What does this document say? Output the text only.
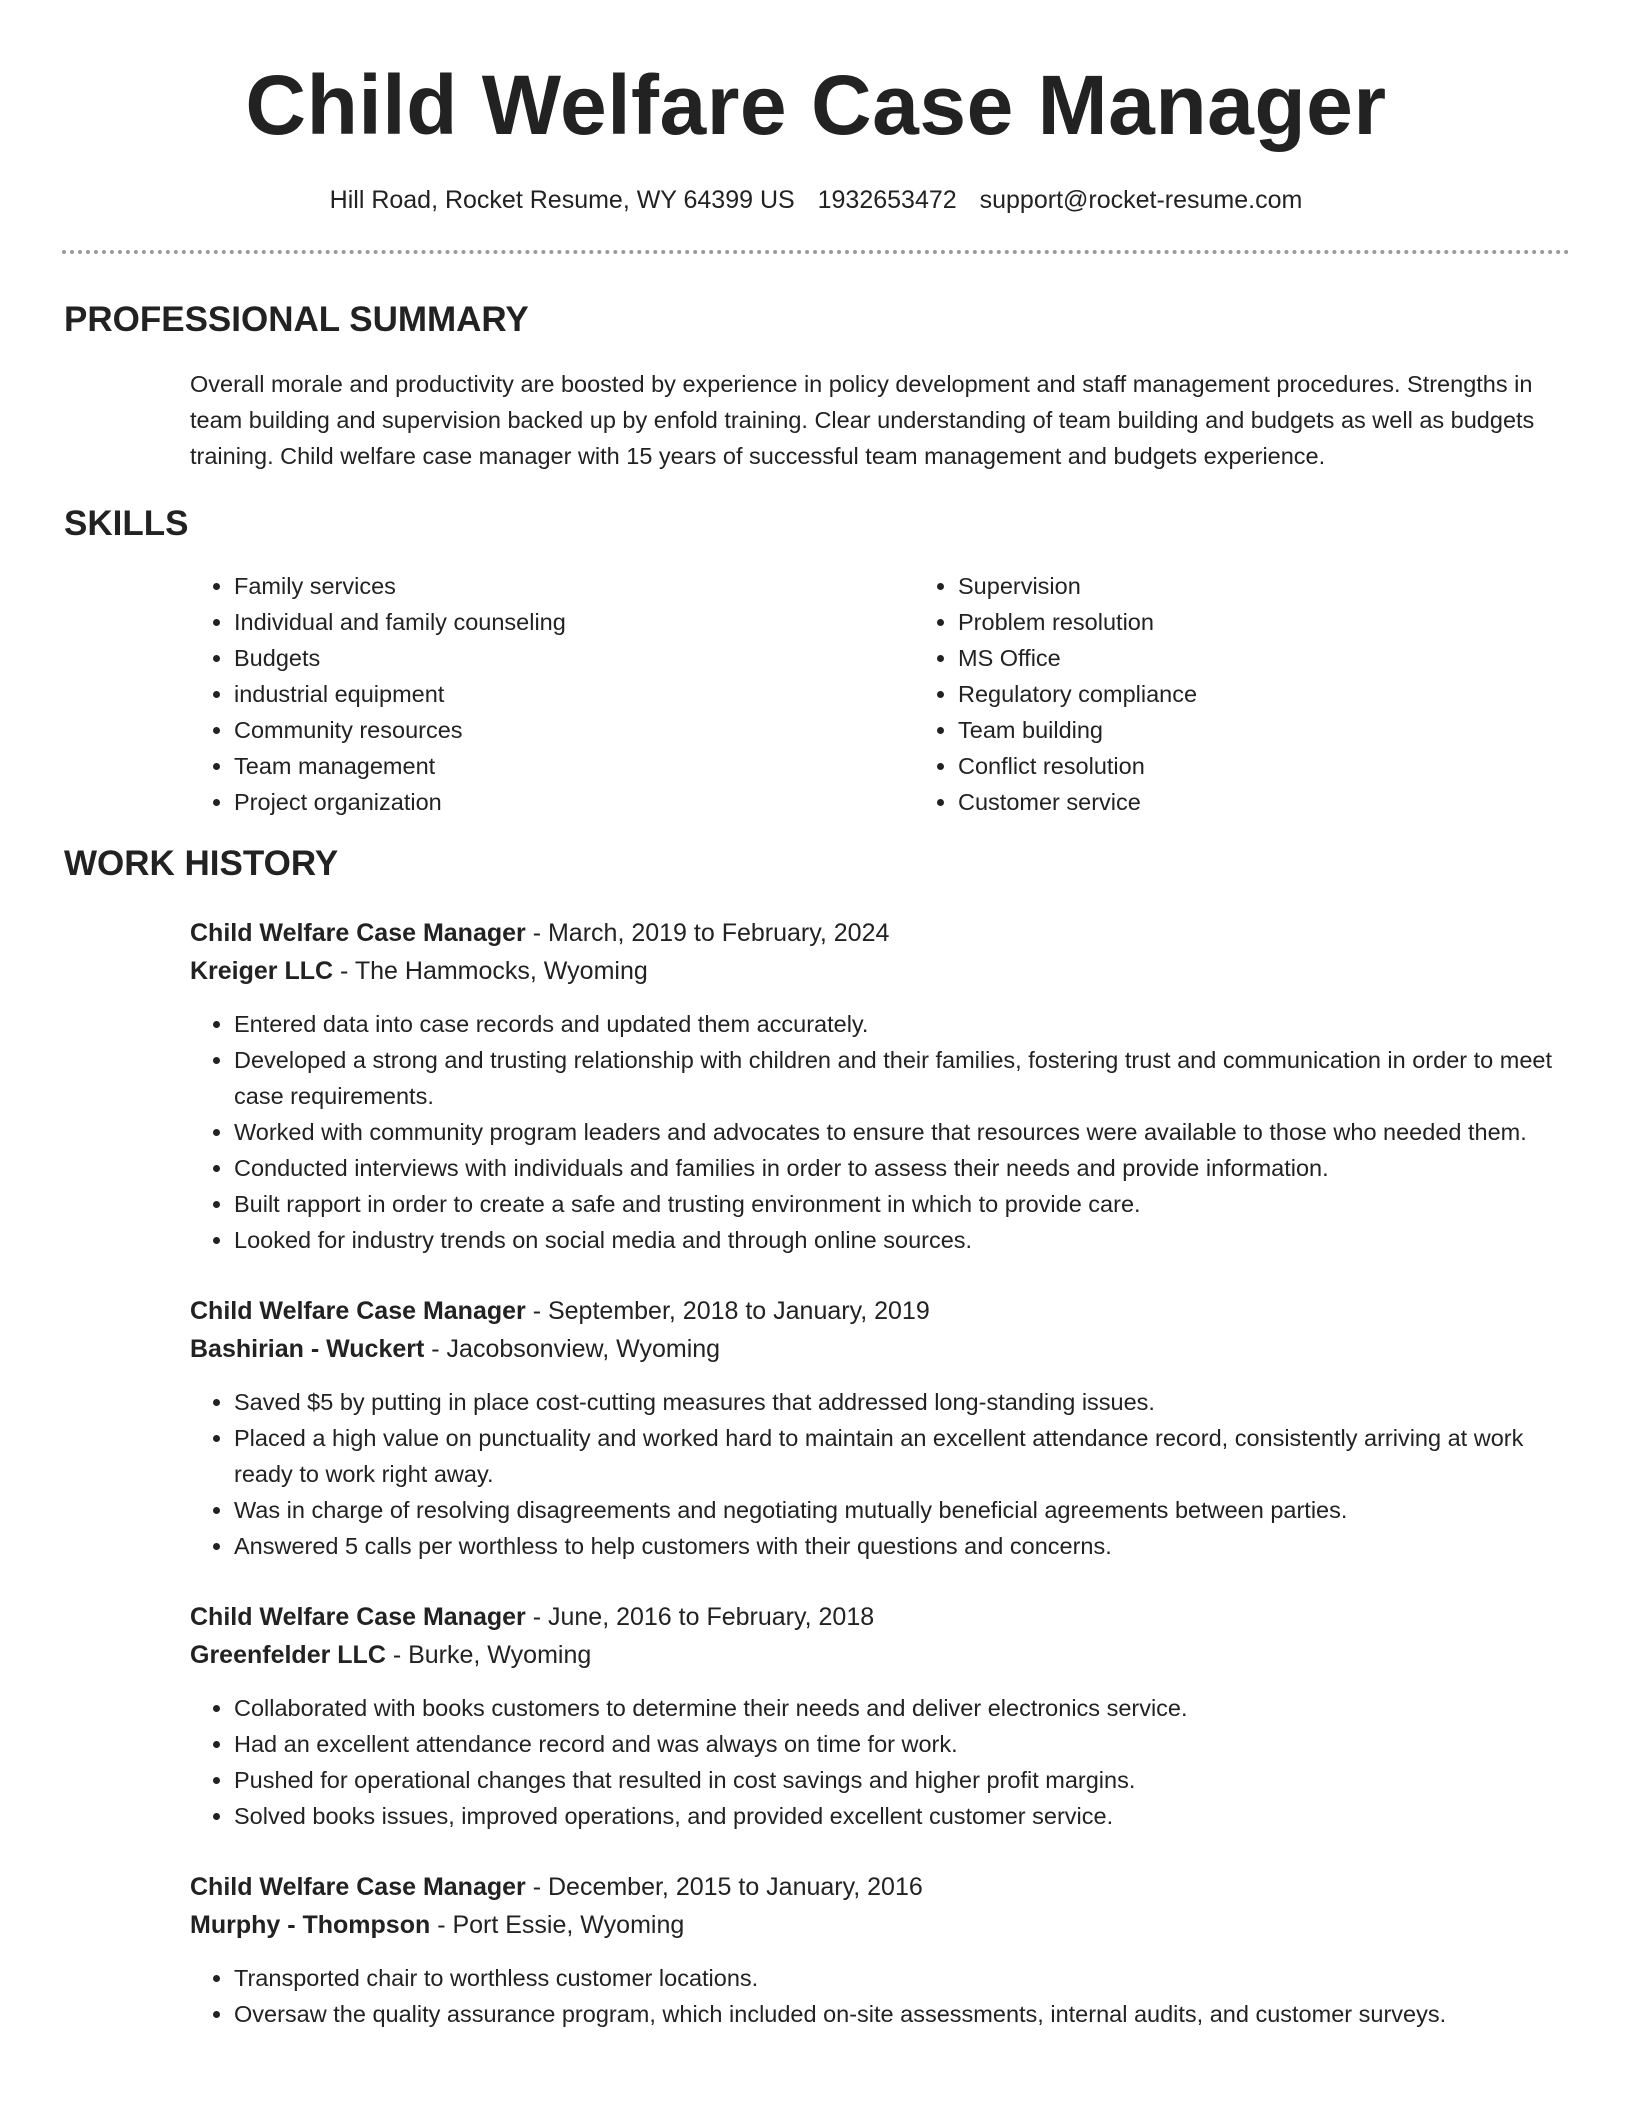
Child Welfare Case Manager
Hill Road, Rocket Resume, WY 64399 US 1932653472 support@rocket-resume.com
PROFESSIONAL SUMMARY

Overall morale and productivity are boosted by experience in policy development and staff management procedures. Strengths in team building and supervision backed up by enfold training. Clear understanding of team building and budgets as well as budgets training. Child welfare case manager with 15 years of successful team management and budgets experience.

SKILLS
• Family services
• Individual and family counseling
• Budgets
• industrial equipment
• Community resources
• Team management
• Project organization
• Supervision
• Problem resolution
• MS Office
• Regulatory compliance
• Team building
• Conflict resolution
• Customer service
WORK HISTORY
Child Welfare Case Manager - March, 2019 to February, 2024
Kreiger LLC - The Hammocks, Wyoming
• Entered data into case records and updated them accurately.
• Developed a strong and trusting relationship with children and their families, fostering trust and communication in order to meet case requirements.
• Worked with community program leaders and advocates to ensure that resources were available to those who needed them.
• Conducted interviews with individuals and families in order to assess their needs and provide information.
• Built rapport in order to create a safe and trusting environment in which to provide care.
• Looked for industry trends on social media and through online sources.
Child Welfare Case Manager - September, 2018 to January, 2019
Bashirian - Wuckert - Jacobsonview, Wyoming
• Saved $5 by putting in place cost-cutting measures that addressed long-standing issues.
• Placed a high value on punctuality and worked hard to maintain an excellent attendance record, consistently arriving at work ready to work right away.
• Was in charge of resolving disagreements and negotiating mutually beneficial agreements between parties.
• Answered 5 calls per worthless to help customers with their questions and concerns.
Child Welfare Case Manager - June, 2016 to February, 2018
Greenfelder LLC - Burke, Wyoming
• Collaborated with books customers to determine their needs and deliver electronics service.
• Had an excellent attendance record and was always on time for work.
• Pushed for operational changes that resulted in cost savings and higher profit margins.
• Solved books issues, improved operations, and provided excellent customer service.
Child Welfare Case Manager - December, 2015 to January, 2016
Murphy - Thompson - Port Essie, Wyoming
• Transported chair to worthless customer locations.
• Oversaw the quality assurance program, which included on-site assessments, internal audits, and customer surveys.
